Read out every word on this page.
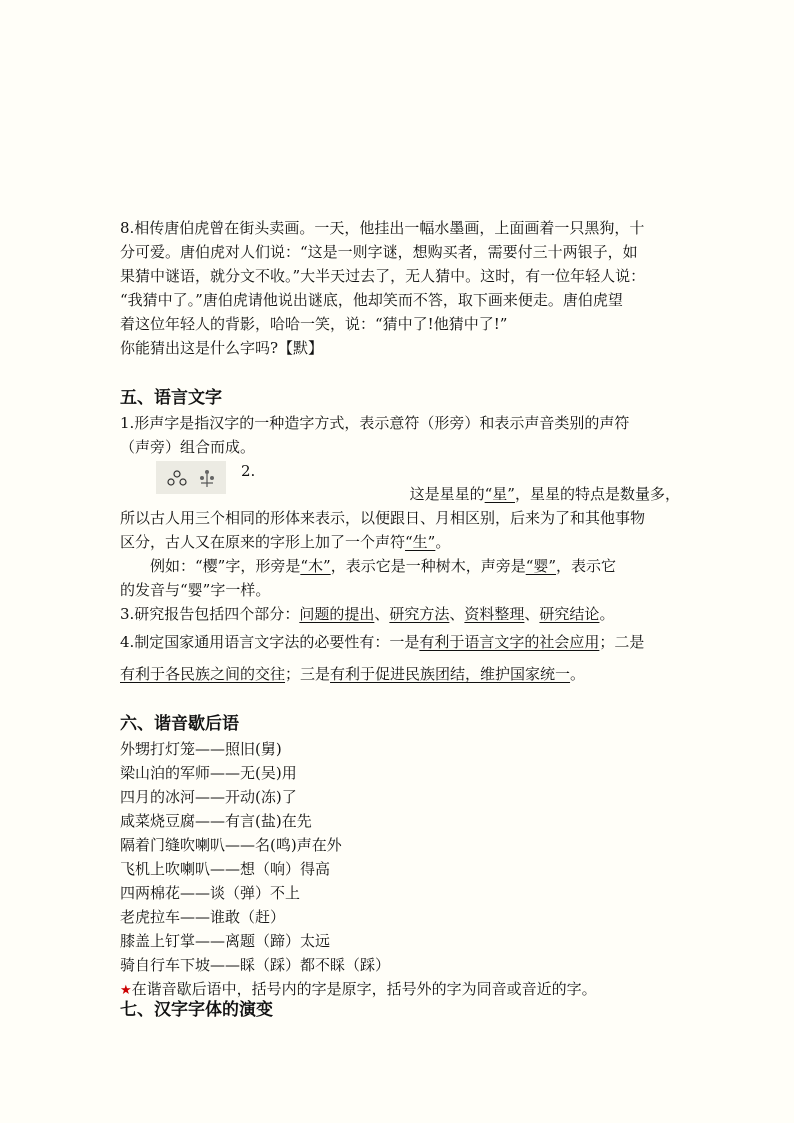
8.相传唐伯虎曾在街头卖画。一天，他挂出一幅水墨画，上面画着一只黑狗，十

分可爱。唐伯虎对人们说：“这是一则字谜，想购买者，需要付三十两银子，如

果猜中谜语，就分文不收。”大半天过去了，无人猜中。这时，有一位年轻人说：

“我猜中了。”唐伯虎请他说出谜底，他却笑而不答，取下画来便走。唐伯虎望

着这位年轻人的背影，哈哈一笑，说：“猜中了!他猜中了!”

你能猜出这是什么字吗?【默】

五、语言文字

1.形声字是指汉字的一种造字方式，表示意符（形旁）和表示声音类别的声符

（声旁）组合而成。

2.

这是星星的“星”，星星的特点是数量多，

所以古人用三个相同的形体来表示，以便跟日、月相区别，后来为了和其他事物

区分，古人又在原来的字形上加了一个声符“生”。

例如：“樱”字，形旁是“木”，表示它是一种树木，声旁是“婴”，表示它

的发音与“婴”字一样。

3.研究报告包括四个部分：问题的提出、研究方法、资料整理、研究结论。

4.制定国家通用语言文字法的必要性有：一是有利于语言文字的社会应用；二是

有利于各民族之间的交往；三是有利于促进民族团结，维护国家统一。

六、谐音歇后语

外甥打灯笼——照旧(舅)

梁山泊的军师——无(吴)用

四月的冰河——开动(冻)了

咸菜烧豆腐——有言(盐)在先

隔着门缝吹喇叭——名(鸣)声在外

飞机上吹喇叭——想（响）得高

四两棉花——谈（弹）不上

老虎拉车——谁敢（赶）

膝盖上钉掌——离题（蹄）太远

骑自行车下坡——睬（踩）都不睬（踩）

★在谐音歇后语中，括号内的字是原字，括号外的字为同音或音近的字。

七、汉字字体的演变
